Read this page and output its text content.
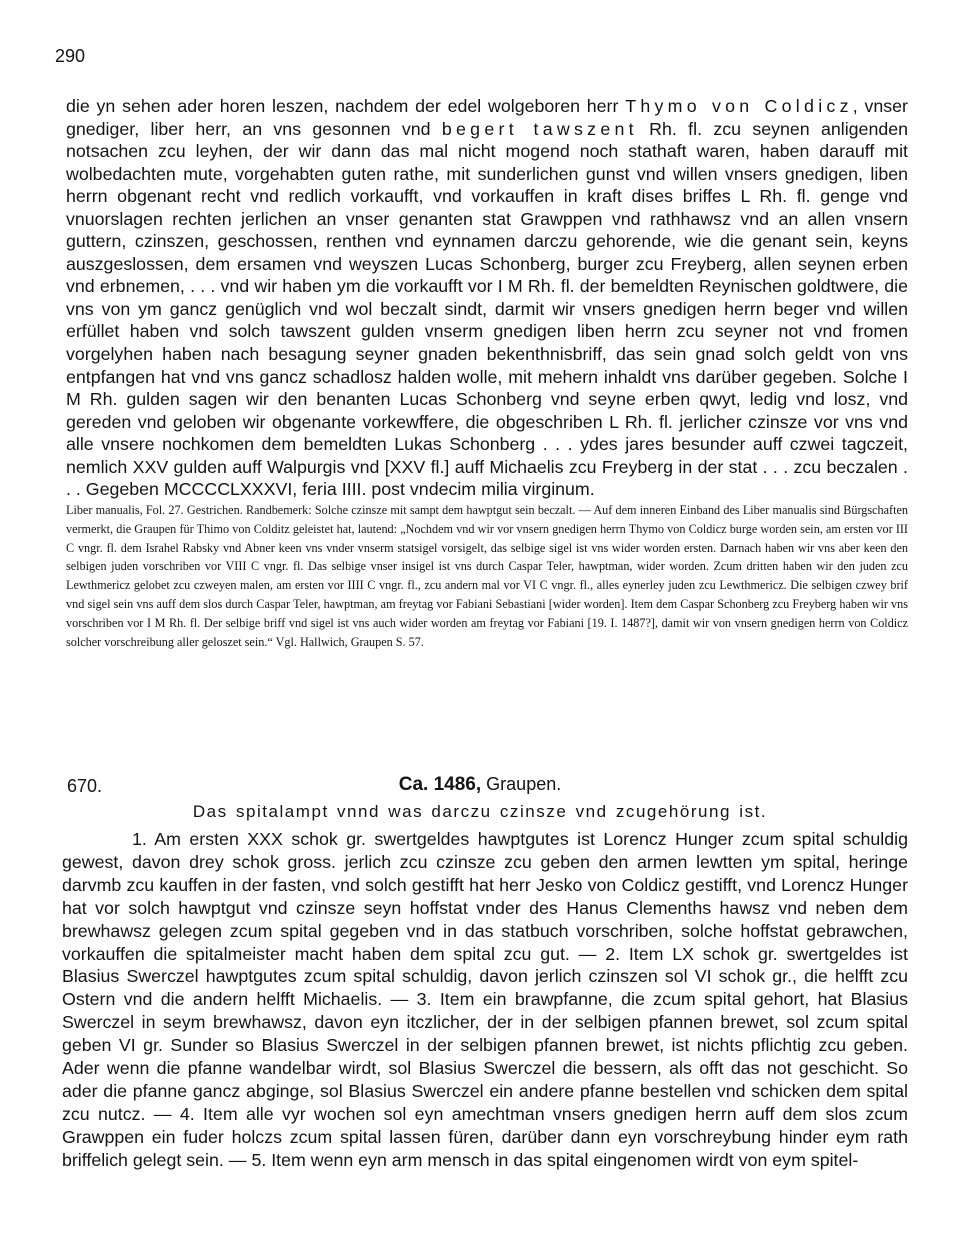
290

die yn sehen ader horen leszen, nachdem der edel wolgeboren herr Thymo von Coldicz, vnser gnediger, liber herr, an vns gesonnen vnd begert tawszent Rh. fl. zcu seynen anligenden notsachen zcu leyhen, der wir dann das mal nicht mogend noch stathaft waren, haben darauff mit wolbedachten mute, vorgehabten guten rathe, mit sunderlichen gunst vnd willen vnsers gnedigen, liben herrn obgenant recht vnd redlich vorkaufft, vnd vorkauffen in kraft dises briffes L Rh. fl. genge vnd vnuorslagen rechten jerlichen an vnser genanten stat Grawppen vnd rathhawsz vnd an allen vnsern guttern, czinszen, geschossen, renthen vnd eynnamen darczu gehorende, wie die genant sein, keyns auszgeslossen, dem ersamen vnd weyszen Lucas Schonberg, burger zcu Freyberg, allen seynen erben vnd erbnemen, . . . vnd wir haben ym die vorkaufft vor I M Rh. fl. der bemeldten Reynischen goldtwere, die vns von ym gancz genüglich vnd wol beczalt sindt, darmit wir vnsers gnedigen herrn beger vnd willen erfüllet haben vnd solch tawszent gulden vnserm gnedigen liben herrn zcu seyner not vnd fromen vorgelyhen haben nach besagung seyner gnaden bekenthnisbriff, das sein gnad solch geldt von vns entpfangen hat vnd vns gancz schadlosz halden wolle, mit mehern inhaldt vns darüber gegeben. Solche I M Rh. gulden sagen wir den benanten Lucas Schonberg vnd seyne erben qwyt, ledig vnd losz, vnd gereden vnd geloben wir obgenante vorkewffere, die obgeschriben L Rh. fl. jerlicher czinsze vor vns vnd alle vnsere nochkomen dem bemeldten Lukas Schonberg . . . ydes jares besunder auff czwei tagczeit, nemlich XXV gulden auff Walpurgis vnd [XXV fl.] auff Michaelis zcu Freyberg in der stat . . . zcu beczalen . . . Gegeben MCCCCLXXXVI, feria IIII. post vndecim milia virginum.

Liber manualis, Fol. 27. Gestrichen. Randbemerk: Solche czinsze mit sampt dem hawptgut sein beczalt. — Auf dem inneren Einband des Liber manualis sind Bürgschaften vermerkt, die Graupen für Thimo von Colditz geleistet hat, lautend: „Nochdem vnd wir vor vnsern gnedigen herrn Thymo von Coldicz burge worden sein, am ersten vor III C vngr. fl. dem Israhel Rabsky vnd Abner keen vns vnder vnserm statsigel vorsigelt, das selbige sigel ist vns wider worden ersten. Darnach haben wir vns aber keen den selbigen juden vorschriben vor VIII C vngr. fl. Das selbige vnser insigel ist vns durch Caspar Teler, hawptman, wider worden. Zcum dritten haben wir den juden zcu Lewthmericz gelobet zcu czweyen malen, am ersten vor IIII C vngr. fl., zcu andern mal vor VI C vngr. fl., alles eynerley juden zcu Lewthmericz. Die selbigen czwey brif vnd sigel sein vns auff dem slos durch Caspar Teler, hawptman, am freytag vor Fabiani Sebastiani [wider worden]. Item dem Caspar Schonberg zcu Freyberg haben wir vns vorschriben vor I M Rh. fl. Der selbige briff vnd sigel ist vns auch wider worden am freytag vor Fabiani [19. I. 1487?], damit wir von vnsern gnedigen herrn von Coldicz solcher vorschreibung aller geloszet sein.“ Vgl. Hallwich, Graupen S. 57.

670.	Ca. 1486, Graupen.
Das spitalampt vnnd was darczu czinsze vnd zcugehörung ist.

1. Am ersten XXX schok gr. swertgeldes hawptgutes ist Lorencz Hunger zcum spital schuldig gewest, davon drey schok gross. jerlich zcu czinsze zcu geben den armen lewtten ym spital, heringe darvmb zcu kauffen in der fasten, vnd solch gestifft hat herr Jesko von Coldicz gestifft, vnd Lorencz Hunger hat vor solch hawptgut vnd czinsze seyn hoffstat vnder des Hanus Clemenths hawsz vnd neben dem brewhawsz gelegen zcum spital gegeben vnd in das statbuch vorschriben, solche hoffstat gebrawchen, vorkauffen die spitalmeister macht haben dem spital zcu gut. — 2. Item LX schok gr. swertgeldes ist Blasius Swerczel hawptgutes zcum spital schuldig, davon jerlich czinszen sol VI schok gr., die helfft zcu Ostern vnd die andern helfft Michaelis. — 3. Item ein brawpfanne, die zcum spital gehort, hat Blasius Swerczel in seym brewhawsz, davon eyn itczlicher, der in der selbigen pfannen brewet, sol zcum spital geben VI gr. Sunder so Blasius Swerczel in der selbigen pfannen brewet, ist nichts pflichtig zcu geben. Ader wenn die pfanne wandelbar wirdt, sol Blasius Swerczel die bessern, als offt das not geschicht. So ader die pfanne gancz abginge, sol Blasius Swerczel ein andere pfanne bestellen vnd schicken dem spital zcu nutcz. — 4. Item alle vyr wochen sol eyn amechtman vnsers gnedigen herrn auff dem slos zcum Grawppen ein fuder holczs zcum spital lassen füren, darüber dann eyn vorschreybung hinder eym rath briffelich gelegt sein. — 5. Item wenn eyn arm mensch in das spital eingenomen wirdt von eym spitel-
